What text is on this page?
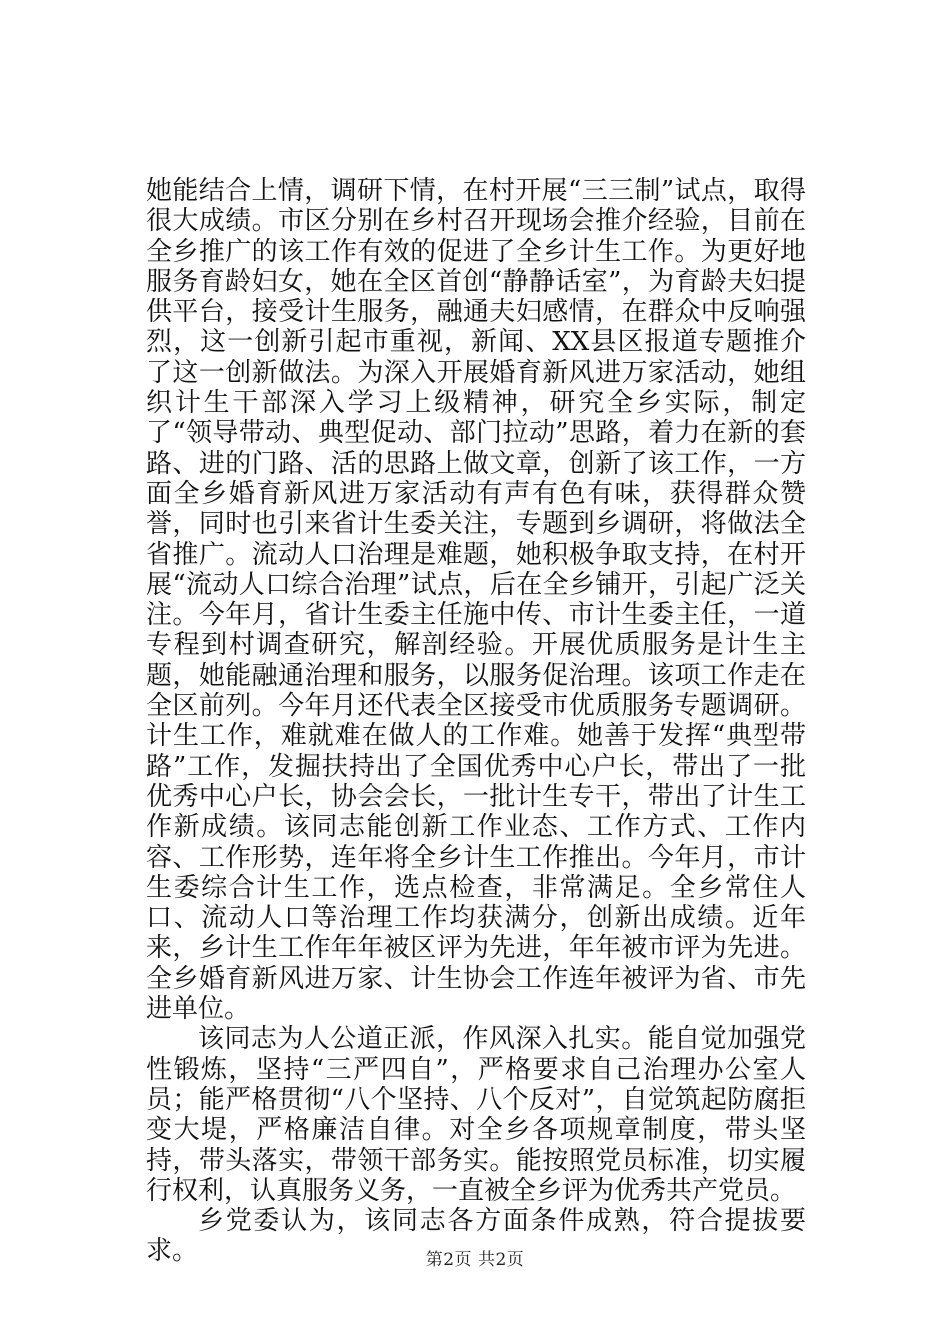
她能结合上情，调研下情，在村开展“三三制”试点，取得很大成绩。市区分别在乡村召开现场会推介经验，目前在全乡推广的该工作有效的促进了全乡计生工作。为更好地服务育龄妇女，她在全区首创“静静话室”，为育龄夫妇提供平台，接受计生服务，融通夫妇感情，在群众中反响强烈，这一创新引起市重视，新闻、XX县区报道专题推介了这一创新做法。为深入开展婚育新风进万家活动，她组织计生干部深入学习上级精神，研究全乡实际，制定了“领导带动、典型促动、部门拉动”思路，着力在新的套路、进的门路、活的思路上做文章，创新了该工作，一方面全乡婚育新风进万家活动有声有色有味，获得群众赞誉，同时也引来省计生委关注，专题到乡调研，将做法全省推广。流动人口治理是难题，她积极争取支持，在村开展“流动人口综合治理”试点，后在全乡铺开，引起广泛关注。今年月，省计生委主任施中传、市计生委主任，一道专程到村调查研究，解剖经验。开展优质服务是计生主题，她能融通治理和服务，以服务促治理。该项工作走在全区前列。今年月还代表全区接受市优质服务专题调研。计生工作，难就难在做人的工作难。她善于发挥“典型带路”工作，发掘扶持出了全国优秀中心户长，带出了一批优秀中心户长，协会会长，一批计生专干，带出了计生工作新成绩。该同志能创新工作业态、工作方式、工作内容、工作形势，连年将全乡计生工作推出。今年月，市计生委综合计生工作，选点检查，非常满足。全乡常住人口、流动人口等治理工作均获满分，创新出成绩。近年来，乡计生工作年年被区评为先进，年年被市评为先进。全乡婚育新风进万家、计生协会工作连年被评为省、市先进单位。

该同志为人公道正派，作风深入扎实。能自觉加强党性锻炼，坚持“三严四自”，严格要求自己治理办公室人员；能严格贯彻“八个坚持、八个反对”，自觉筑起防腐拒变大堤，严格廉洁自律。对全乡各项规章制度，带头坚持，带头落实，带领干部务实。能按照党员标准，切实履行权利，认真服务义务，一直被全乡评为优秀共产党员。

乡党委认为，该同志各方面条件成熟，符合提拔要求。	第2页 共2页
